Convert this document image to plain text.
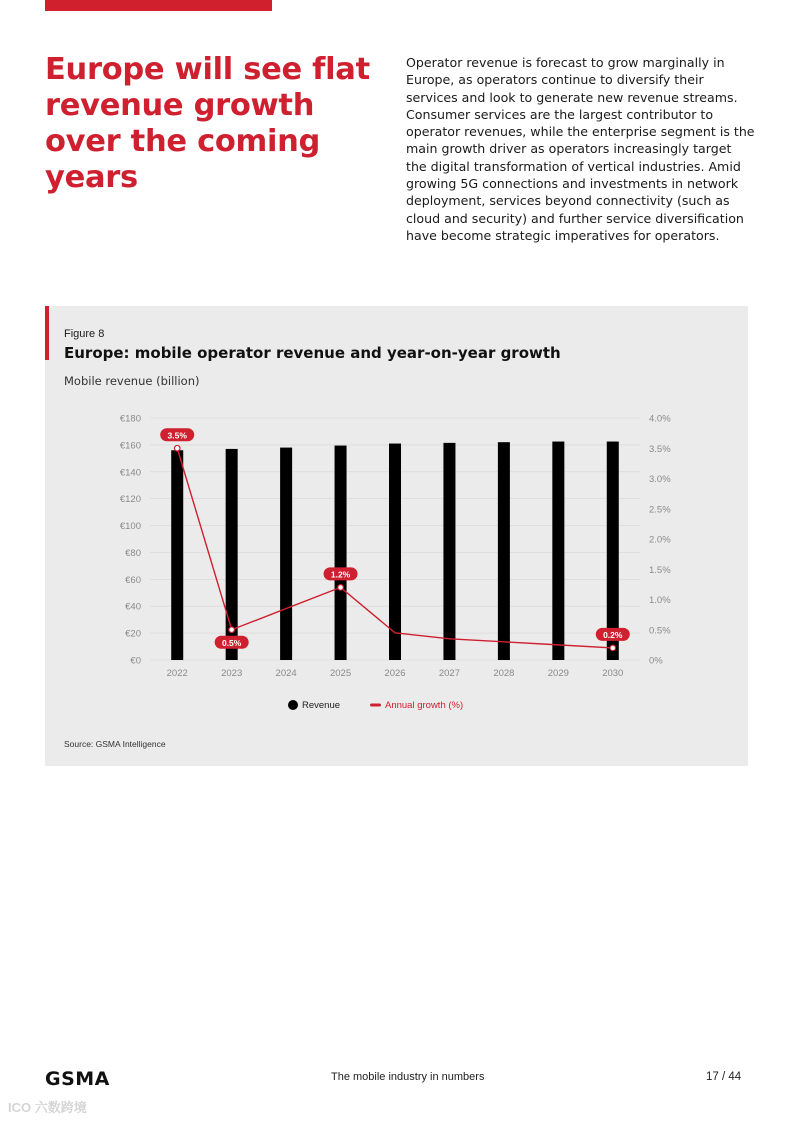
Europe will see flat revenue growth over the coming years

Operator revenue is forecast to grow marginally in Europe, as operators continue to diversify their services and look to generate new revenue streams. Consumer services are the largest contributor to operator revenues, while the enterprise segment is the main growth driver as operators increasingly target the digital transformation of vertical industries. Amid growing 5G connections and investments in network deployment, services beyond connectivity (such as cloud and security) and further service diversification have become strategic imperatives for operators.

Figure 8
Europe: mobile operator revenue and year-on-year growth
Mobile revenue (billion)
€0
€20
€40
€60
€80
€100
€120
€140
€160
€180
0%
0.5%
1.0%
1.5%
2.0%
2.5%
3.0%
3.5%
4.0%
2022	2023	2024	2025	2026	2027	2028	2029	2030
3.5%
0.5%
1.2%
0.2%
Revenue	Annual growth (%)
Source: GSMA Intelligence
GSMA	The mobile industry in numbers	17 / 44
ICO 六数跨境
